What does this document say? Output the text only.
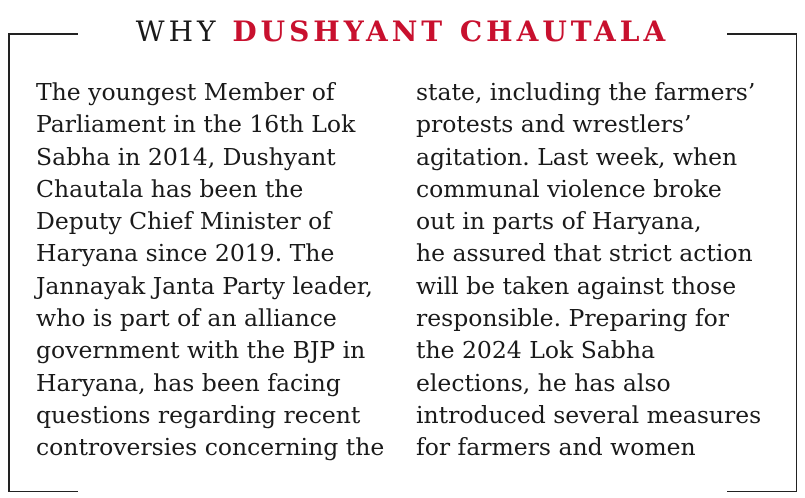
WHY DUSHYANT CHAUTALA
The youngest Member of
Parliament in the 16th Lok
Sabha in 2014, Dushyant
Chautala has been the
Deputy Chief Minister of
Haryana since 2019. The
Jannayak Janta Party leader,
who is part of an alliance
government with the BJP in
Haryana, has been facing
questions regarding recent
controversies concerning the
state, including the farmers’
protests and wrestlers’
agitation. Last week, when
communal violence broke
out in parts of Haryana,
he assured that strict action
will be taken against those
responsible. Preparing for
the 2024 Lok Sabha
elections, he has also
introduced several measures
for farmers and women
